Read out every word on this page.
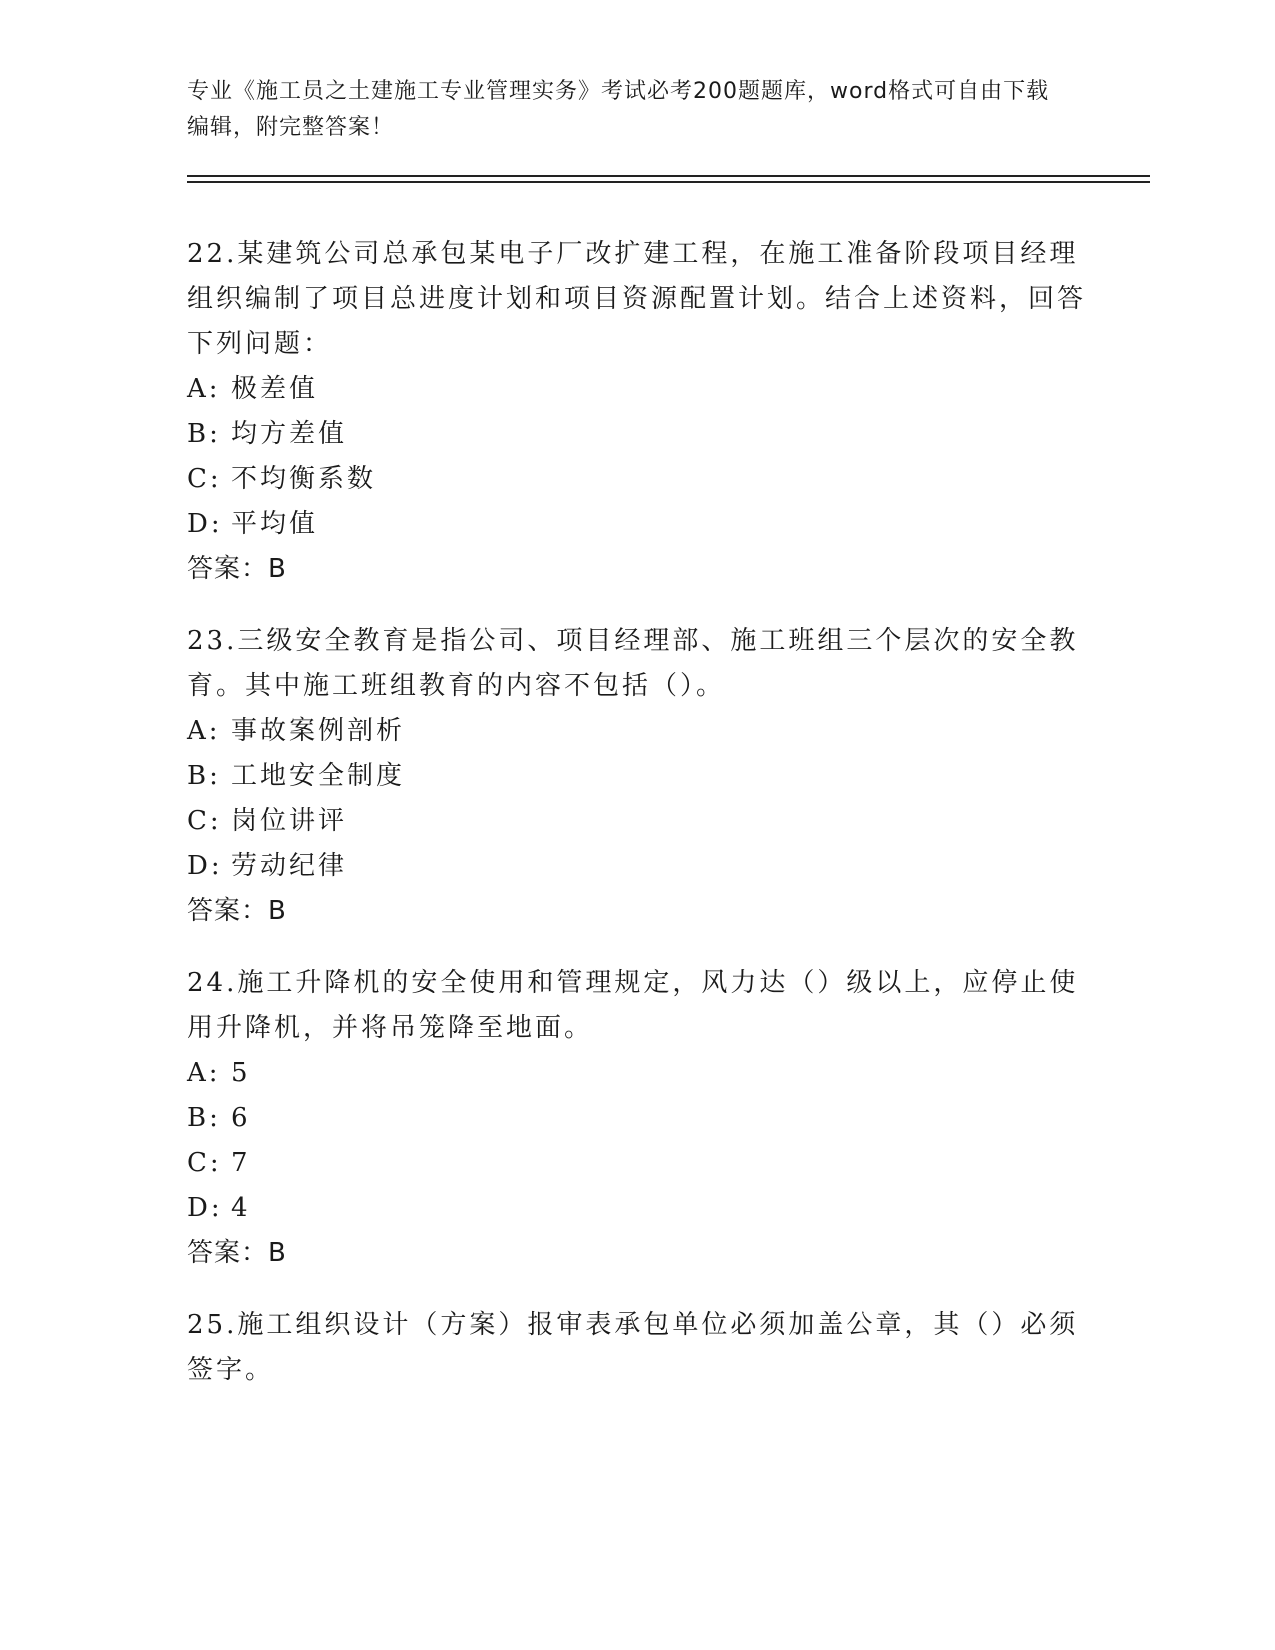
专业《施工员之土建施工专业管理实务》考试必考200题题库，word格式可自由下载编辑，附完整答案！

22.某建筑公司总承包某电子厂改扩建工程，在施工准备阶段项目经理组织编制了项目总进度计划和项目资源配置计划。结合上述资料，回答下列问题：

A: 极差值

B: 均方差值

C: 不均衡系数

D: 平均值

答案：B

23.三级安全教育是指公司、项目经理部、施工班组三个层次的安全教育。其中施工班组教育的内容不包括（）。

A: 事故案例剖析

B: 工地安全制度

C: 岗位讲评

D: 劳动纪律

答案：B

24.施工升降机的安全使用和管理规定，风力达（）级以上，应停止使用升降机，并将吊笼降至地面。

A: 5

B: 6

C: 7

D: 4

答案：B

25.施工组织设计（方案）报审表承包单位必须加盖公章，其（）必须签字。
